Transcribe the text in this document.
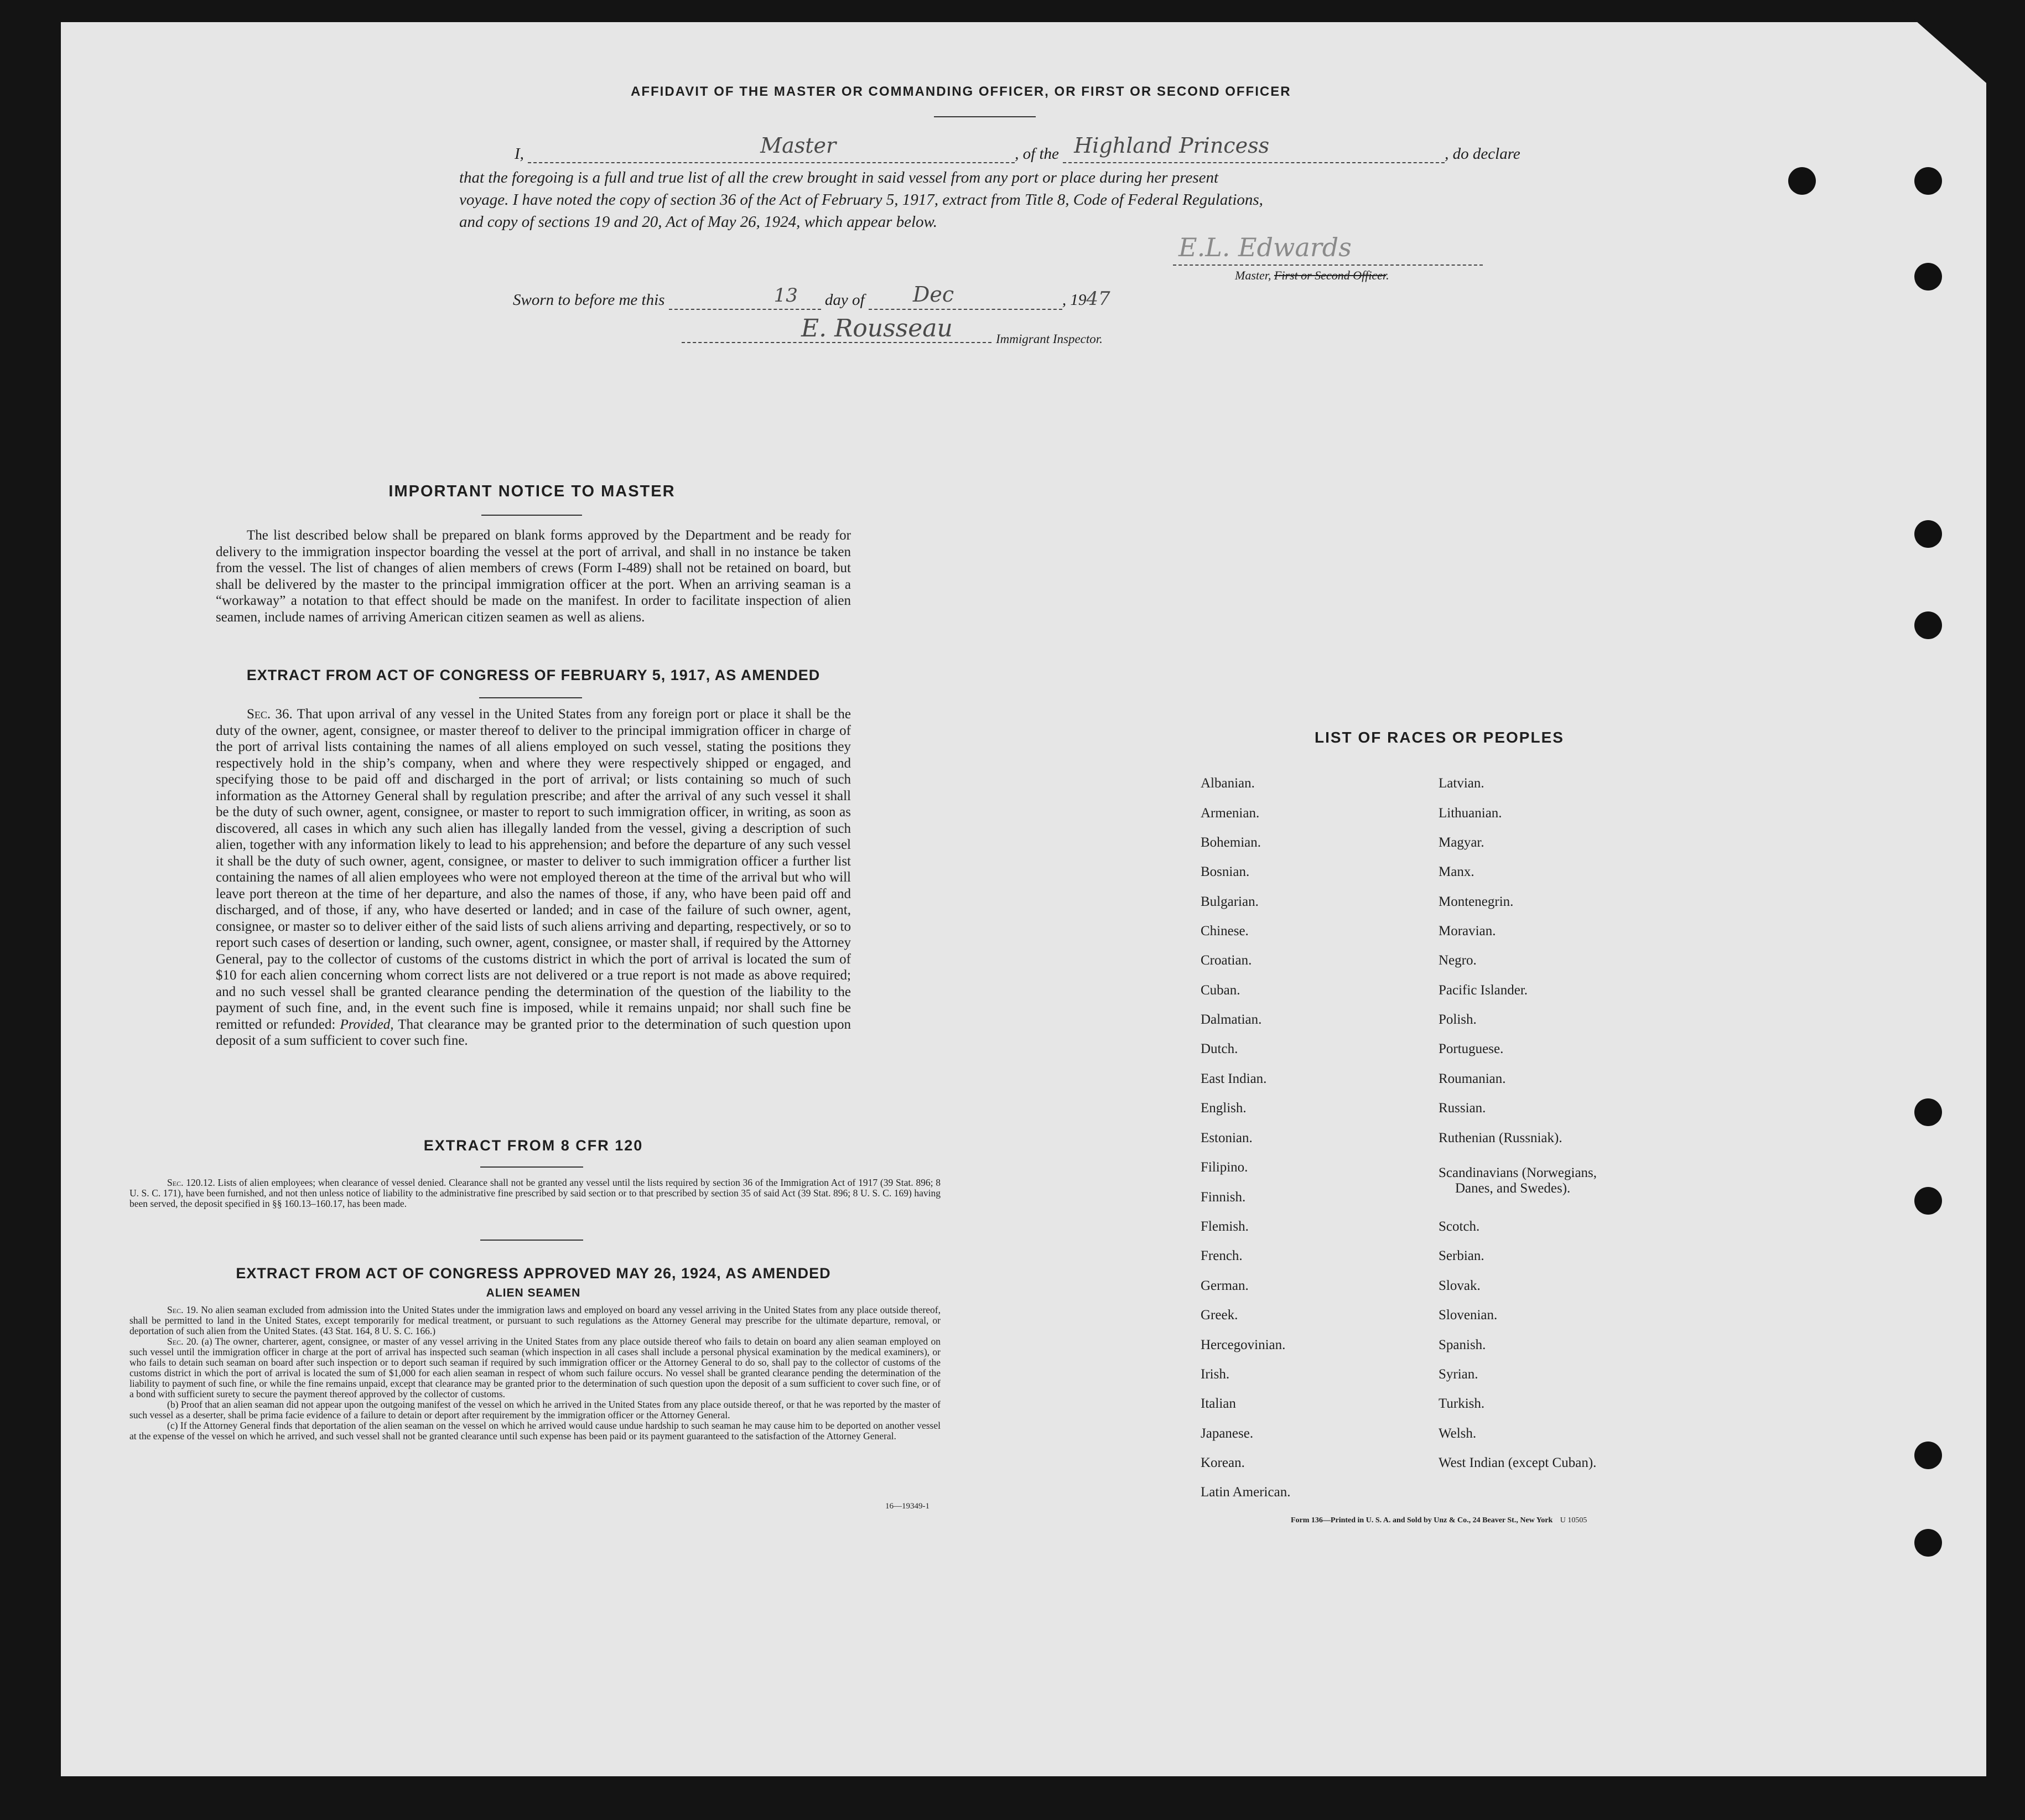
AFFIDAVIT OF THE MASTER OR COMMANDING OFFICER, OR FIRST OR SECOND OFFICER
I,	Master	, of the Highland Princess	, do declare
that the foregoing is a full and true list of all the crew brought in said vessel from any port or place during her present
voyage. I have noted the copy of section 36 of the Act of February 5, 1917, extract from Title 8, Code of Federal Regulations,
and copy of sections 19 and 20, Act of May 26, 1924, which appear below.
E.L. Edwards
Master, First or Second Officer.
Sworn to before me this	13 day of Dec	, 1947
E. Rousseau	Immigrant Inspector.
IMPORTANT NOTICE TO MASTER
The list described below shall be prepared on blank forms approved by the Department and be ready for delivery to the immigration inspector boarding the vessel at the port of arrival, and shall in no instance be taken from the vessel. The list of changes of alien members of crews (Form I-489) shall not be retained on board, but shall be delivered by the master to the principal immigration officer at the port. When an arriving seaman is a “workaway” a notation to that effect should be made on the manifest. In order to facilitate inspection of alien seamen, include names of arriving American citizen seamen as well as aliens.
EXTRACT FROM ACT OF CONGRESS OF FEBRUARY 5, 1917, AS AMENDED
Sec. 36. That upon arrival of any vessel in the United States from any foreign port or place it shall be the duty of the owner, agent, consignee, or master thereof to deliver to the principal immigration officer in charge of the port of arrival lists containing the names of all aliens employed on such vessel, stating the positions they respectively hold in the ship’s company, when and where they were respectively shipped or engaged, and specifying those to be paid off and discharged in the port of arrival; or lists containing so much of such information as the Attorney General shall by regulation prescribe; and after the arrival of any such vessel it shall be the duty of such owner, agent, consignee, or master to report to such immigration officer, in writing, as soon as discovered, all cases in which any such alien has illegally landed from the vessel, giving a description of such alien, together with any information likely to lead to his apprehension; and before the departure of any such vessel it shall be the duty of such owner, agent, consignee, or master to deliver to such immigration officer a further list containing the names of all alien employees who were not employed thereon at the time of the arrival but who will leave port thereon at the time of her departure, and also the names of those, if any, who have been paid off and discharged, and of those, if any, who have deserted or landed; and in case of the failure of such owner, agent, consignee, or master so to deliver either of the said lists of such aliens arriving and departing, respectively, or so to report such cases of desertion or landing, such owner, agent, consignee, or master shall, if required by the Attorney General, pay to the collector of customs of the customs district in which the port of arrival is located the sum of $10 for each alien concerning whom correct lists are not delivered or a true report is not made as above required; and no such vessel shall be granted clearance pending the determination of the question of the liability to the payment of such fine, and, in the event such fine is imposed, while it remains unpaid; nor shall such fine be remitted or refunded: Provided, That clearance may be granted prior to the determination of such question upon deposit of a sum sufficient to cover such fine.
EXTRACT FROM 8 CFR 120
Sec. 120.12. Lists of alien employees; when clearance of vessel denied. Clearance shall not be granted any vessel until the lists required by section 36 of the Immigration Act of 1917 (39 Stat. 896; 8 U. S. C. 171), have been furnished, and not then unless notice of liability to the administrative fine prescribed by said section or to that prescribed by section 35 of said Act (39 Stat. 896; 8 U. S. C. 169) having been served, the deposit specified in §§ 160.13–160.17, has been made.
EXTRACT FROM ACT OF CONGRESS APPROVED MAY 26, 1924, AS AMENDED
ALIEN SEAMEN
Sec. 19. No alien seaman excluded from admission into the United States under the immigration laws and employed on board any vessel arriving in the United States from any place outside thereof, shall be permitted to land in the United States, except temporarily for medical treatment, or pursuant to such regulations as the Attorney General may prescribe for the ultimate departure, removal, or deportation of such alien from the United States. (43 Stat. 164, 8 U. S. C. 166.)
Sec. 20. (a) The owner, charterer, agent, consignee, or master of any vessel arriving in the United States from any place outside thereof who fails to detain on board any alien seaman employed on such vessel until the immigration officer in charge at the port of arrival has inspected such seaman (which inspection in all cases shall include a personal physical examination by the medical examiners), or who fails to detain such seaman on board after such inspection or to deport such seaman if required by such immigration officer or the Attorney General to do so, shall pay to the collector of customs of the customs district in which the port of arrival is located the sum of $1,000 for each alien seaman in respect of whom such failure occurs. No vessel shall be granted clearance pending the determination of the liability to payment of such fine, or while the fine remains unpaid, except that clearance may be granted prior to the determination of such question upon the deposit of a sum sufficient to cover such fine, or of a bond with sufficient surety to secure the payment thereof approved by the collector of customs.
(b) Proof that an alien seaman did not appear upon the outgoing manifest of the vessel on which he arrived in the United States from any place outside thereof, or that he was reported by the master of such vessel as a deserter, shall be prima facie evidence of a failure to detain or deport after requirement by the immigration officer or the Attorney General.
(c) If the Attorney General finds that deportation of the alien seaman on the vessel on which he arrived would cause undue hardship to such seaman he may cause him to be deported on another vessel at the expense of the vessel on which he arrived, and such vessel shall not be granted clearance until such expense has been paid or its payment guaranteed to the satisfaction of the Attorney General.
16—19349-1
LIST OF RACES OR PEOPLES
Albanian.
Armenian.
Bohemian.
Bosnian.
Bulgarian.
Chinese.
Croatian.
Cuban.
Dalmatian.
Dutch.
East Indian.
English.
Estonian.
Filipino.
Finnish.
Flemish.
French.
German.
Greek.
Hercegovinian.
Irish.
Italian
Japanese.
Korean.
Latin American.
Latvian.
Lithuanian.
Magyar.
Manx.
Montenegrin.
Moravian.
Negro.
Pacific Islander.
Polish.
Portuguese.
Roumanian.
Russian.
Ruthenian (Russniak).
Scandinavians (Norwegians,
Danes, and Swedes).
Scotch.
Serbian.
Slovak.
Slovenian.
Spanish.
Syrian.
Turkish.
Welsh.
West Indian (except Cuban).
Form 136—Printed in U. S. A. and Sold by Unz & Co., 24 Beaver St., New York U 10505
